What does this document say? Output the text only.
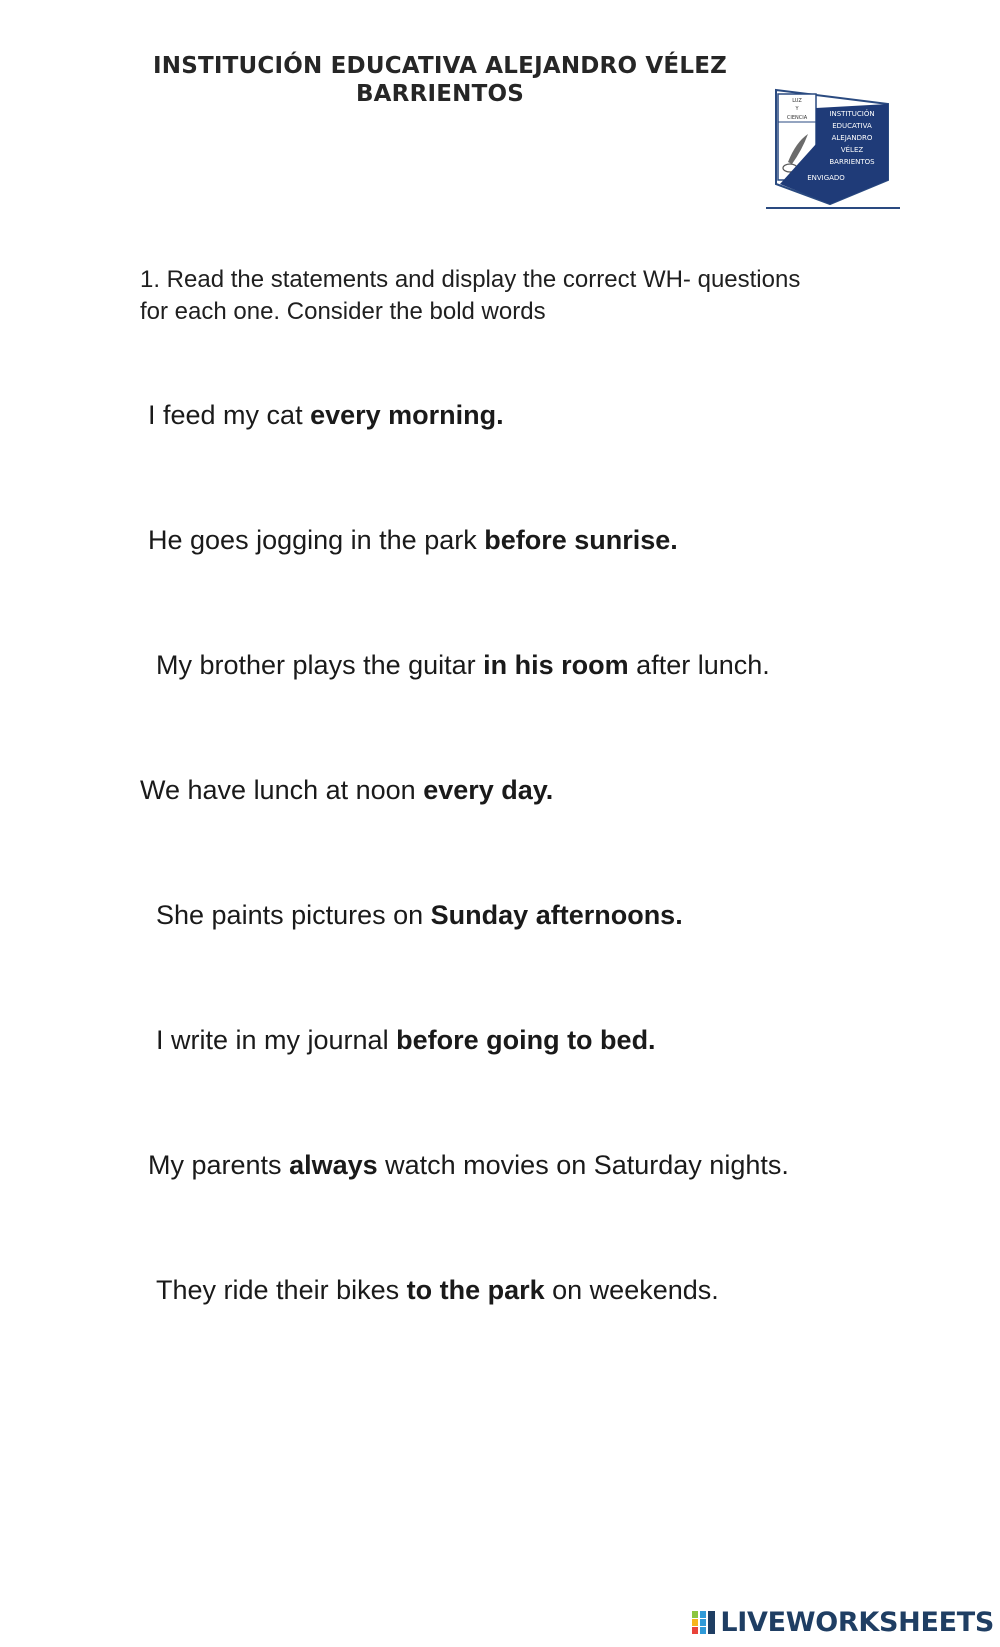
INSTITUCIÓN EDUCATIVA ALEJANDRO VÉLEZ
BARRIENTOS	LUZ
Y
CIENCIA	INSTITUCIÓN
EDUCATIVA
ALEJANDRO
VÉLEZ
BARRIENTOS
ENVIGADO
1. Read the statements and display the correct WH- questions
for each one. Consider the bold words
I feed my cat every morning.
He goes jogging in the park before sunrise.
My brother plays the guitar in his room after lunch.
We have lunch at noon every day.
She paints pictures on Sunday afternoons.
I write in my journal before going to bed.
My parents always watch movies on Saturday nights.
They ride their bikes to the park on weekends.
LIVEWORKSHEETS
